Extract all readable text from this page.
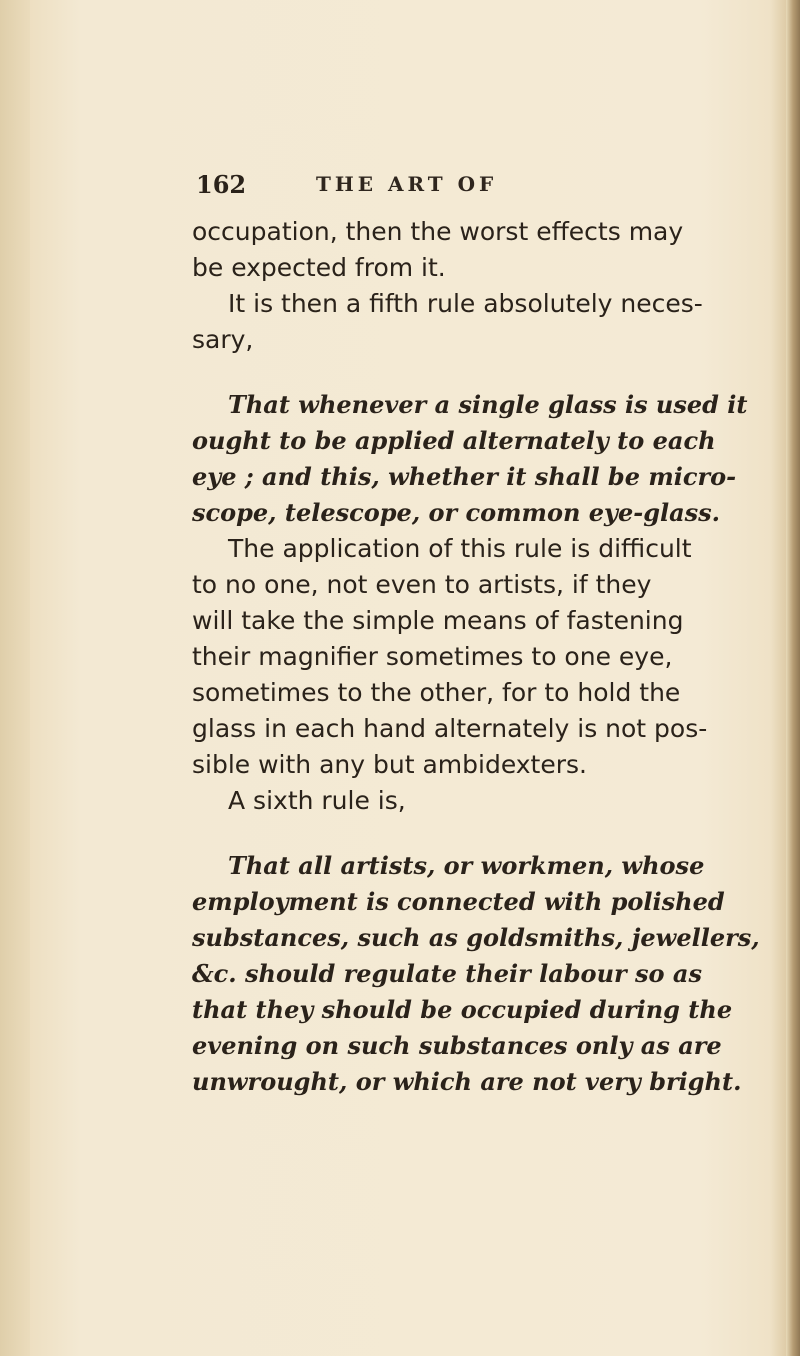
162	THE ART OF
occupation, then the worst effects may
be expected from it.
It is then a fifth rule absolutely neces-
sary,
That whenever a single glass is used it
ought to be applied alternately to each
eye ; and this, whether it shall be micro-
scope, telescope, or common eye-glass.
The application of this rule is difficult
to no one, not even to artists, if they
will take the simple means of fastening
their magnifier sometimes to one eye,
sometimes to the other, for to hold the
glass in each hand alternately is not pos-
sible with any but ambidexters.
A sixth rule is,
That all artists, or workmen, whose
employment is connected with polished
substances, such as goldsmiths, jewellers,
&c. should regulate their labour so as
that they should be occupied during the
evening on such substances only as are
unwrought, or which are not very bright.
